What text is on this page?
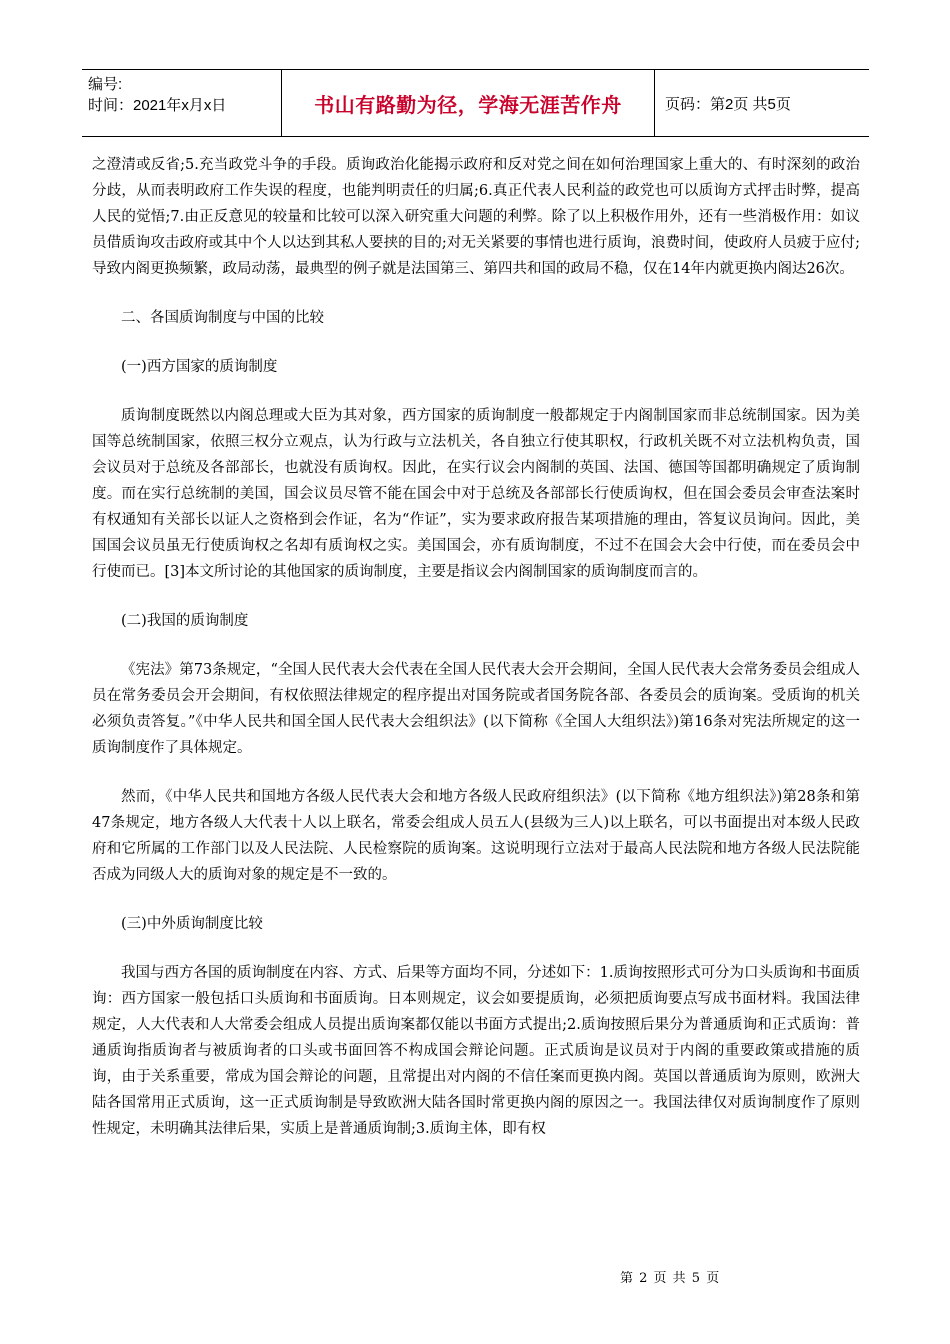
编号:
时间：2021年x月x日	书山有路勤为径，学海无涯苦作舟	页码：第2页 共5页

之澄清或反省;5.充当政党斗争的手段。质询政治化能揭示政府和反对党之间在如何治理国家上重大的、有时深刻的政治分歧，从而表明政府工作失误的程度，也能判明责任的归属;6.真正代表人民利益的政党也可以质询方式抨击时弊，提高人民的觉悟;7.由正反意见的较量和比较可以深入研究重大问题的利弊。除了以上积极作用外，还有一些消极作用：如议员借质询攻击政府或其中个人以达到其私人要挟的目的;对无关紧要的事情也进行质询，浪费时间，使政府人员疲于应付;导致内阁更换频繁，政局动荡，最典型的例子就是法国第三、第四共和国的政局不稳，仅在14年内就更换内阁达26次。

二、各国质询制度与中国的比较

(一)西方国家的质询制度

质询制度既然以内阁总理或大臣为其对象，西方国家的质询制度一般都规定于内阁制国家而非总统制国家。因为美国等总统制国家，依照三权分立观点，认为行政与立法机关，各自独立行使其职权，行政机关既不对立法机构负责，国会议员对于总统及各部部长，也就没有质询权。因此，在实行议会内阁制的英国、法国、德国等国都明确规定了质询制度。而在实行总统制的美国，国会议员尽管不能在国会中对于总统及各部部长行使质询权，但在国会委员会审查法案时有权通知有关部长以证人之资格到会作证，名为“作证”，实为要求政府报告某项措施的理由，答复议员询问。因此，美国国会议员虽无行使质询权之名却有质询权之实。美国国会，亦有质询制度，不过不在国会大会中行使，而在委员会中行使而已。[3]本文所讨论的其他国家的质询制度，主要是指议会内阁制国家的质询制度而言的。

(二)我国的质询制度

《宪法》第73条规定，“全国人民代表大会代表在全国人民代表大会开会期间，全国人民代表大会常务委员会组成人员在常务委员会开会期间，有权依照法律规定的程序提出对国务院或者国务院各部、各委员会的质询案。受质询的机关必须负责答复。”《中华人民共和国全国人民代表大会组织法》(以下简称《全国人大组织法》)第16条对宪法所规定的这一质询制度作了具体规定。

然而，《中华人民共和国地方各级人民代表大会和地方各级人民政府组织法》(以下简称《地方组织法》)第28条和第47条规定，地方各级人大代表十人以上联名，常委会组成人员五人(县级为三人)以上联名，可以书面提出对本级人民政府和它所属的工作部门以及人民法院、人民检察院的质询案。这说明现行立法对于最高人民法院和地方各级人民法院能否成为同级人大的质询对象的规定是不一致的。

(三)中外质询制度比较

我国与西方各国的质询制度在内容、方式、后果等方面均不同，分述如下：1.质询按照形式可分为口头质询和书面质询：西方国家一般包括口头质询和书面质询。日本则规定，议会如要提质询，必须把质询要点写成书面材料。我国法律规定，人大代表和人大常委会组成人员提出质询案都仅能以书面方式提出;2.质询按照后果分为普通质询和正式质询：普通质询指质询者与被质询者的口头或书面回答不构成国会辩论问题。正式质询是议员对于内阁的重要政策或措施的质询，由于关系重要，常成为国会辩论的问题，且常提出对内阁的不信任案而更换内阁。英国以普通质询为原则，欧洲大陆各国常用正式质询，这一正式质询制是导致欧洲大陆各国时常更换内阁的原因之一。我国法律仅对质询制度作了原则性规定，未明确其法律后果，实质上是普通质询制;3.质询主体，即有权

第 2 页 共 5 页
